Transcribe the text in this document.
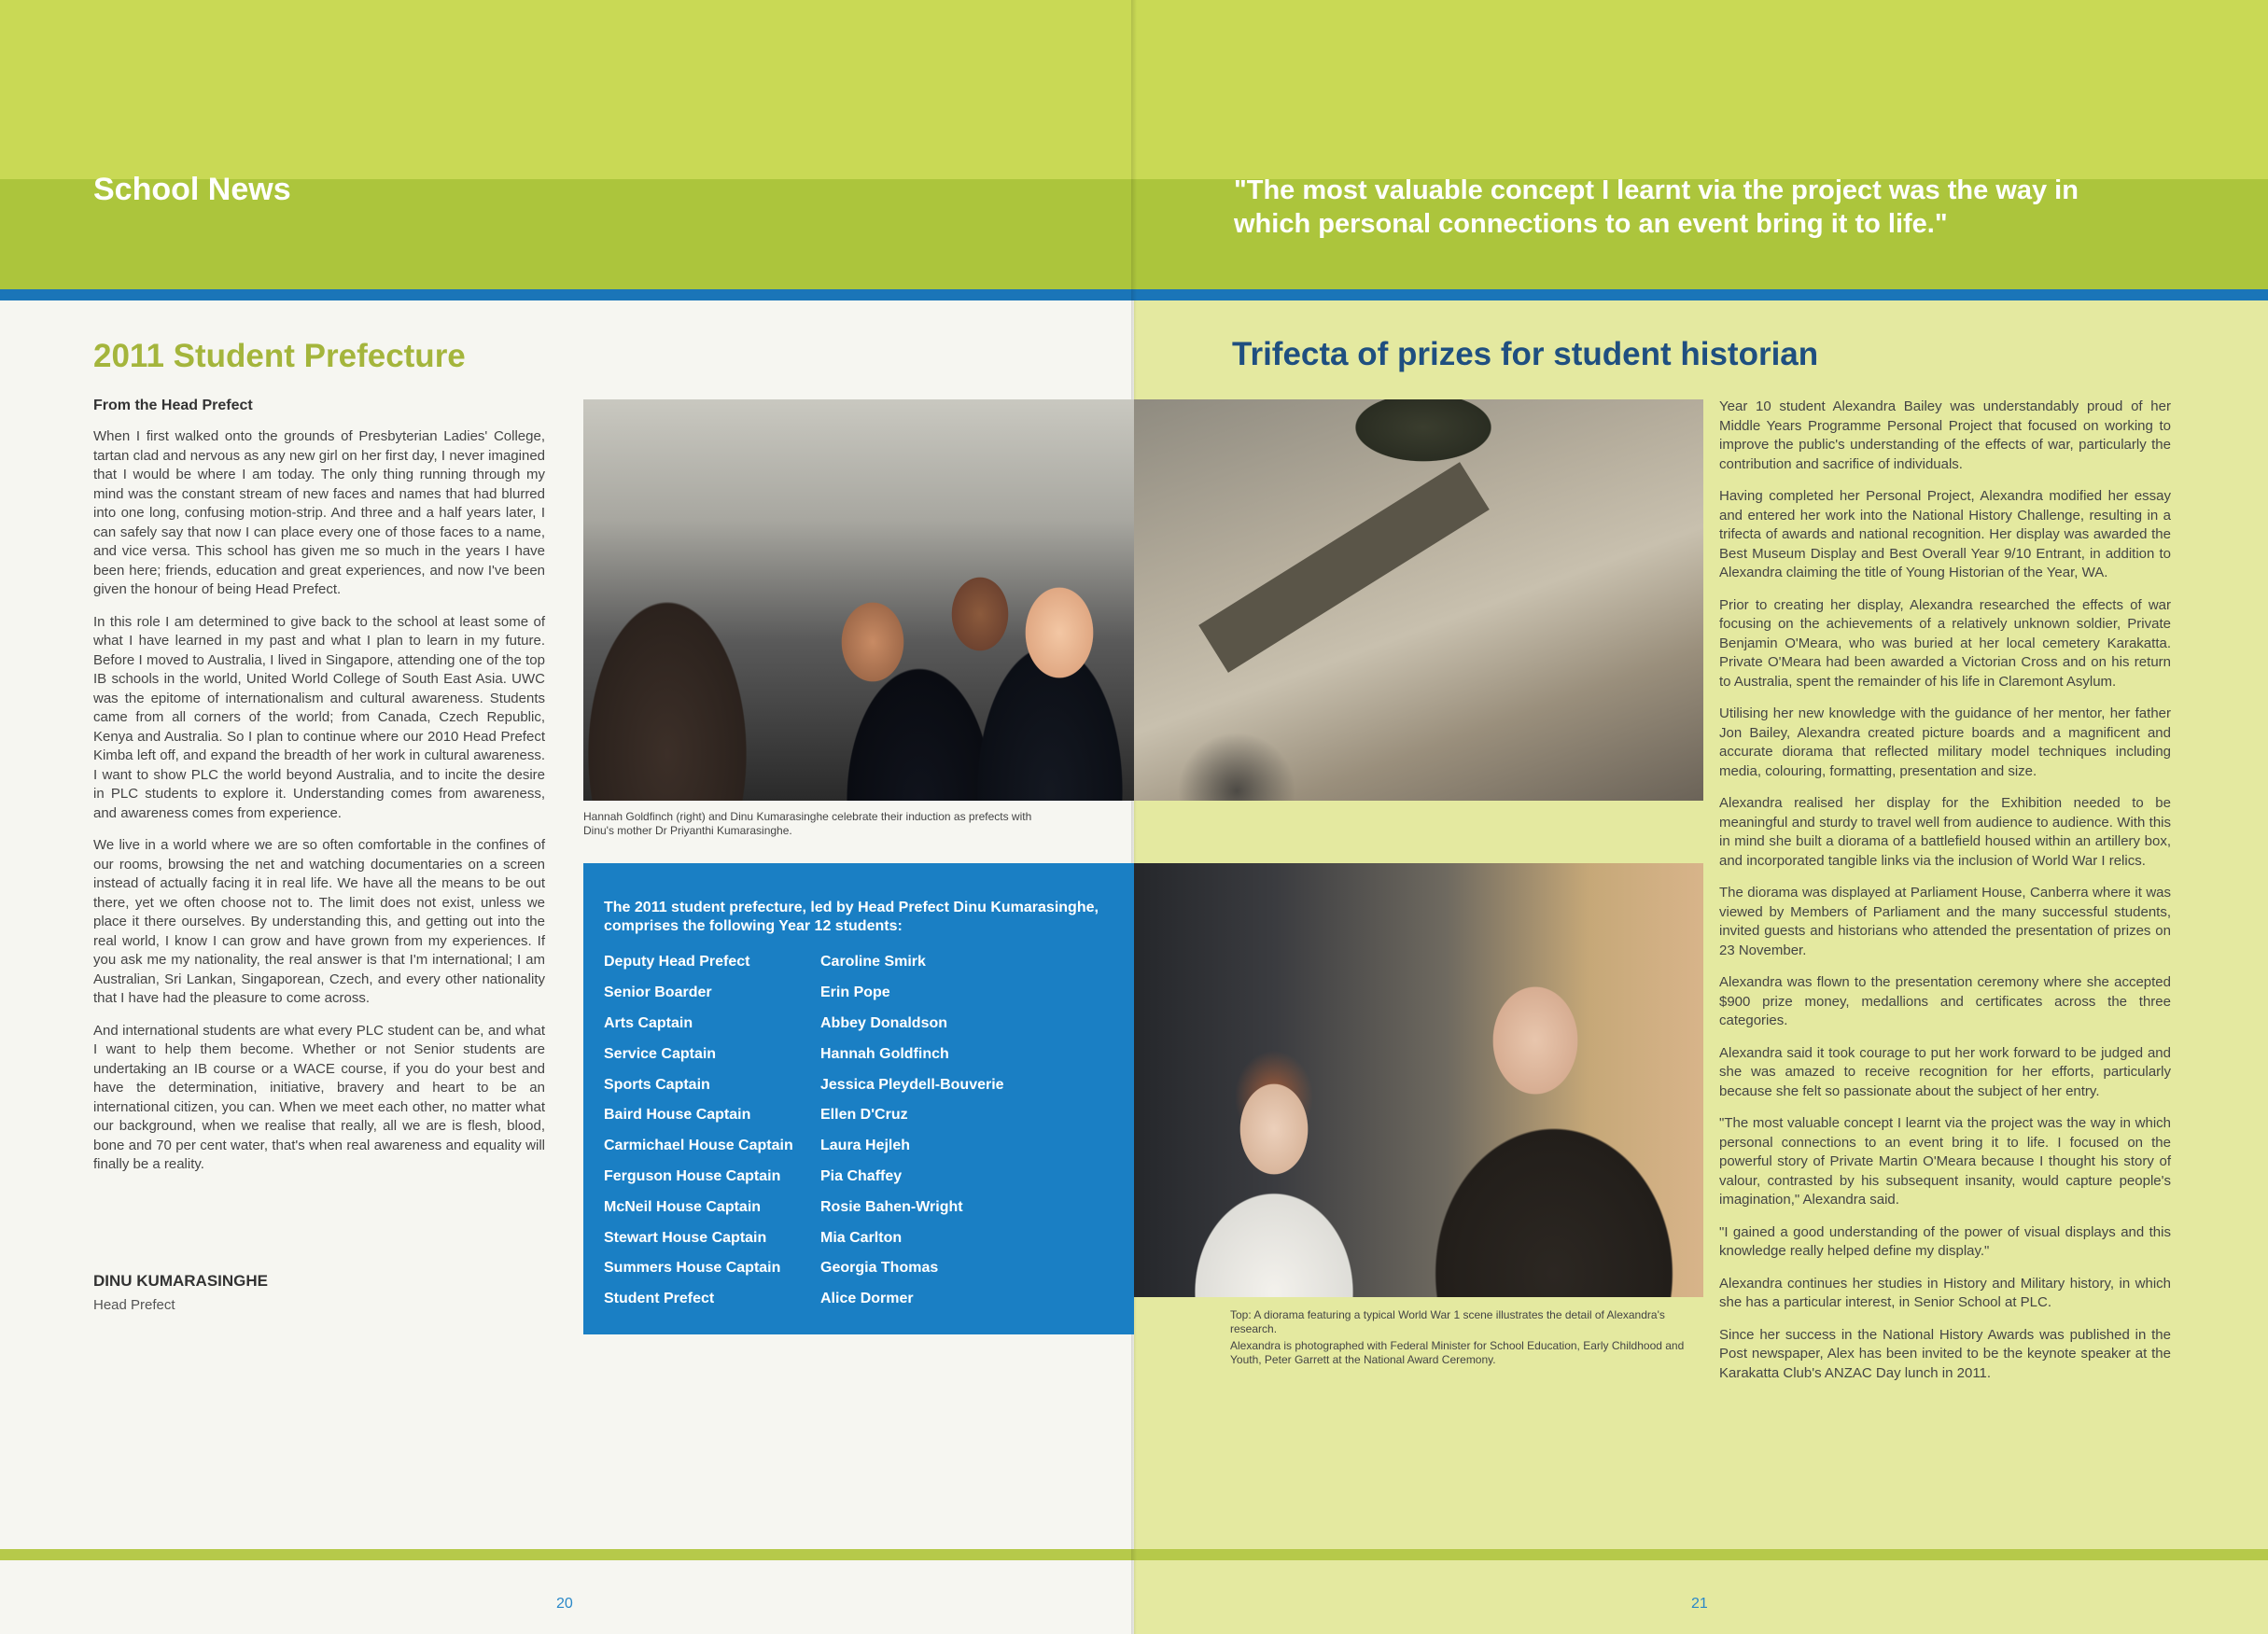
School News	"The most valuable concept I learnt via the project was the way in which personal connections to an event bring it to life."
2011 Student Prefecture
From the Head Prefect

When I first walked onto the grounds of Presbyterian Ladies' College, tartan clad and nervous as any new girl on her first day, I never imagined that I would be where I am today. The only thing running through my mind was the constant stream of new faces and names that had blurred into one long, confusing motion-strip. And three and a half years later, I can safely say that now I can place every one of those faces to a name, and vice versa. This school has given me so much in the years I have been here; friends, education and great experiences, and now I've been given the honour of being Head Prefect.

In this role I am determined to give back to the school at least some of what I have learned in my past and what I plan to learn in my future. Before I moved to Australia, I lived in Singapore, attending one of the top IB schools in the world, United World College of South East Asia. UWC was the epitome of internationalism and cultural awareness. Students came from all corners of the world; from Canada, Czech Republic, Kenya and Australia. So I plan to continue where our 2010 Head Prefect Kimba left off, and expand the breadth of her work in cultural awareness. I want to show PLC the world beyond Australia, and to incite the desire in PLC students to explore it. Understanding comes from awareness, and awareness comes from experience.

We live in a world where we are so often comfortable in the confines of our rooms, browsing the net and watching documentaries on a screen instead of actually facing it in real life. We have all the means to be out there, yet we often choose not to. The limit does not exist, unless we place it there ourselves. By understanding this, and getting out into the real world, I know I can grow and have grown from my experiences. If you ask me my nationality, the real answer is that I'm international; I am Australian, Sri Lankan, Singaporean, Czech, and every other nationality that I have had the pleasure to come across.

And international students are what every PLC student can be, and what I want to help them become. Whether or not Senior students are undertaking an IB course or a WACE course, if you do your best and have the determination, initiative, bravery and heart to be an international citizen, you can. When we meet each other, no matter what our background, when we realise that really, all we are is flesh, blood, bone and 70 per cent water, that's when real awareness and equality will finally be a reality.

DINU KUMARASINGHE
Head Prefect
Hannah Goldfinch (right) and Dinu Kumarasinghe celebrate their induction as prefects with Dinu's mother Dr Priyanthi Kumarasinghe.
The 2011 student prefecture, led by Head Prefect Dinu Kumarasinghe, comprises the following Year 12 students:
Deputy Head Prefect	Caroline Smirk
Senior Boarder	Erin Pope
Arts Captain	Abbey Donaldson
Service Captain	Hannah Goldfinch
Sports Captain	Jessica Pleydell-Bouverie
Baird House Captain	Ellen D'Cruz
Carmichael House Captain	Laura Hejleh
Ferguson House Captain	Pia Chaffey
McNeil House Captain	Rosie Bahen-Wright
Stewart House Captain	Mia Carlton
Summers House Captain	Georgia Thomas
Student Prefect	Alice Dormer
Trifecta of prizes for student historian

Top: A diorama featuring a typical World War 1 scene illustrates the detail of Alexandra's research.

Alexandra is photographed with Federal Minister for School Education, Early Childhood and Youth, Peter Garrett at the National Award Ceremony.

Year 10 student Alexandra Bailey was understandably proud of her Middle Years Programme Personal Project that focused on working to improve the public's understanding of the effects of war, particularly the contribution and sacrifice of individuals.

Having completed her Personal Project, Alexandra modified her essay and entered her work into the National History Challenge, resulting in a trifecta of awards and national recognition. Her display was awarded the Best Museum Display and Best Overall Year 9/10 Entrant, in addition to Alexandra claiming the title of Young Historian of the Year, WA.

Prior to creating her display, Alexandra researched the effects of war focusing on the achievements of a relatively unknown soldier, Private Benjamin O'Meara, who was buried at her local cemetery Karakatta. Private O'Meara had been awarded a Victorian Cross and on his return to Australia, spent the remainder of his life in Claremont Asylum.

Utilising her new knowledge with the guidance of her mentor, her father Jon Bailey, Alexandra created picture boards and a magnificent and accurate diorama that reflected military model techniques including media, colouring, formatting, presentation and size.

Alexandra realised her display for the Exhibition needed to be meaningful and sturdy to travel well from audience to audience. With this in mind she built a diorama of a battlefield housed within an artillery box, and incorporated tangible links via the inclusion of World War I relics.

The diorama was displayed at Parliament House, Canberra where it was viewed by Members of Parliament and the many successful students, invited guests and historians who attended the presentation of prizes on 23 November.

Alexandra was flown to the presentation ceremony where she accepted $900 prize money, medallions and certificates across the three categories.

Alexandra said it took courage to put her work forward to be judged and she was amazed to receive recognition for her efforts, particularly because she felt so passionate about the subject of her entry.

"The most valuable concept I learnt via the project was the way in which personal connections to an event bring it to life. I focused on the powerful story of Private Martin O'Meara because I thought his story of valour, contrasted by his subsequent insanity, would capture people's imagination," Alexandra said.

"I gained a good understanding of the power of visual displays and this knowledge really helped define my display."

Alexandra continues her studies in History and Military history, in which she has a particular interest, in Senior School at PLC.

Since her success in the National History Awards was published in the Post newspaper, Alex has been invited to be the keynote speaker at the Karakatta Club's ANZAC Day lunch in 2011.

20	21
